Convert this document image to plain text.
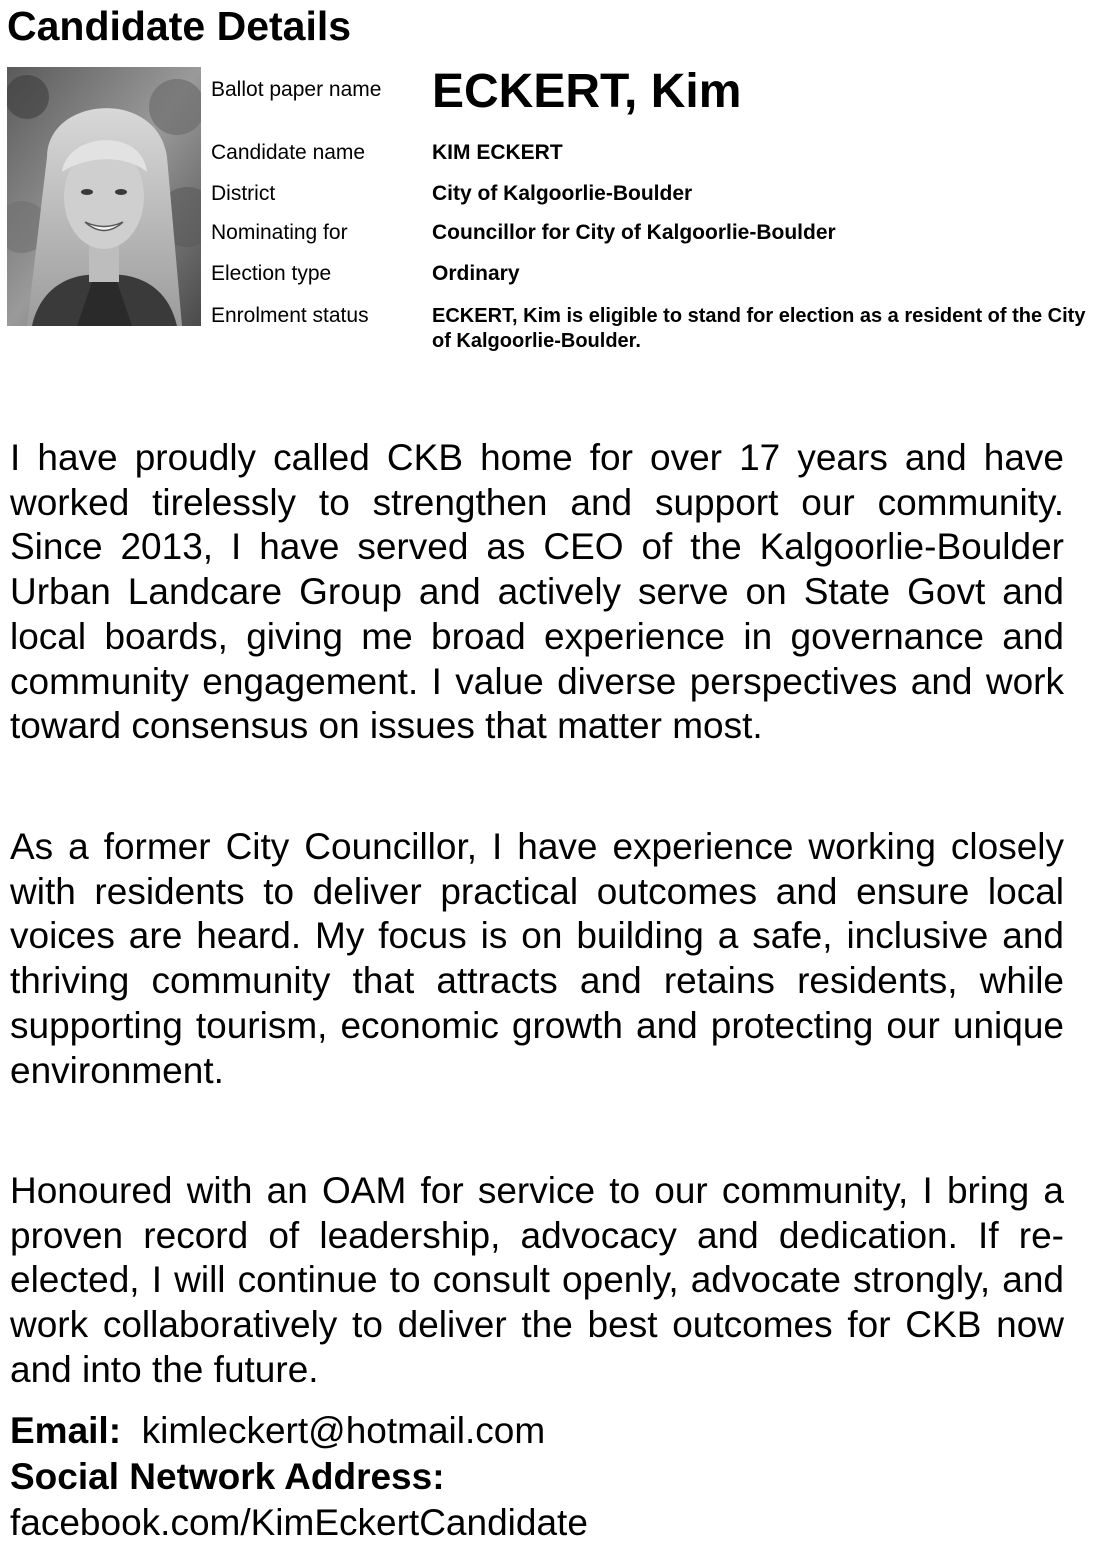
Candidate Details
Ballot paper name ECKERT, Kim
Candidate name	KIM ECKERT
District	City of Kalgoorlie-Boulder
Nominating for	Councillor for City of Kalgoorlie-Boulder
Election type	Ordinary
Enrolment status	ECKERT, Kim is eligible to stand for election as a resident of the City of Kalgoorlie-Boulder.

I have proudly called CKB home for over 17 years and have worked tirelessly to strengthen and support our community. Since 2013, I have served as CEO of the Kalgoorlie-Boulder Urban Landcare Group and actively serve on State Govt and local boards, giving me broad experience in governance and community engagement. I value diverse perspectives and work toward consensus on issues that matter most.

As a former City Councillor, I have experience working closely with residents to deliver practical outcomes and ensure local voices are heard. My focus is on building a safe, inclusive and thriving community that attracts and retains residents, while supporting tourism, economic growth and protecting our unique environment.

Honoured with an OAM for service to our community, I bring a proven record of leadership, advocacy and dedication. If re-elected, I will continue to consult openly, advocate strongly, and work collaboratively to deliver the best outcomes for CKB now and into the future.

Email: kimleckert@hotmail.com
Social Network Address:
facebook.com/KimEckertCandidate
